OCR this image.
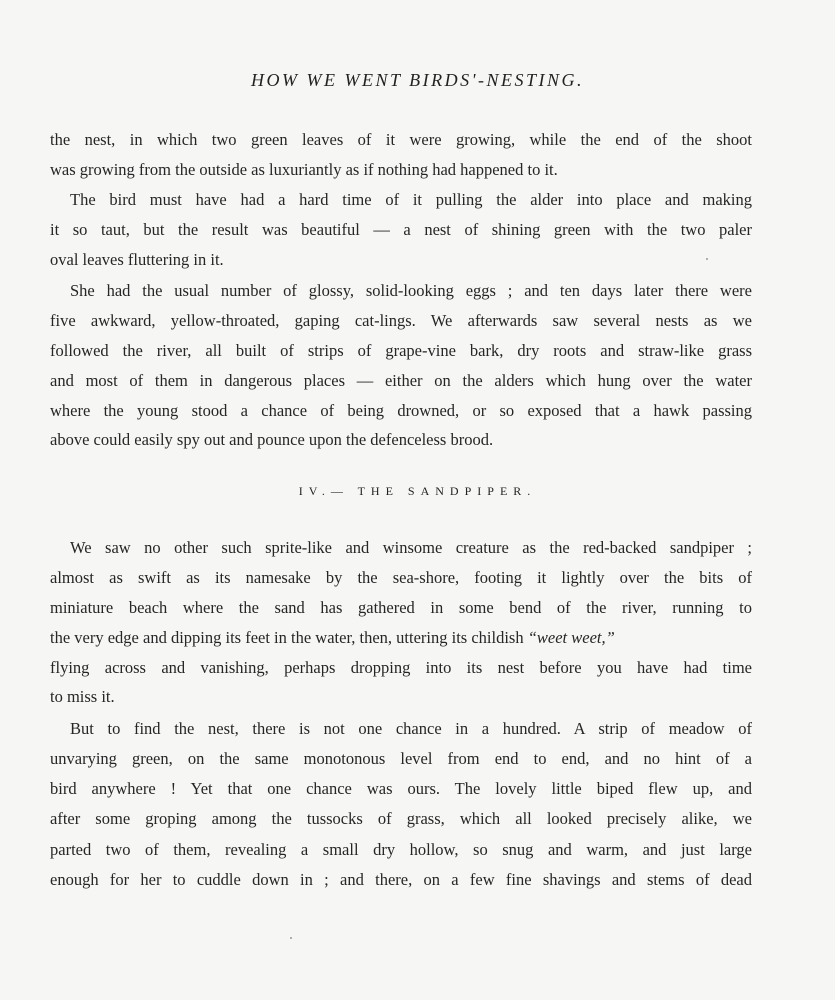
HOW WE WENT BIRDS'-NESTING.
the nest, in which two green leaves of it were growing, while the end of the shoot
was growing from the outside as luxuriantly as if nothing had happened to it.
The bird must have had a hard time of it pulling the alder into place and making
it so taut, but the result was beautiful — a nest of shining green with the two paler
oval leaves fluttering in it.
She had the usual number of glossy, solid-looking eggs ; and ten days later there were
five awkward, yellow-throated, gaping cat-lings. We afterwards saw several nests as we
followed the river, all built of strips of grape-vine bark, dry roots and straw-like grass
and most of them in dangerous places — either on the alders which hung over the water
where the young stood a chance of being drowned, or so exposed that a hawk passing
above could easily spy out and pounce upon the defenceless brood.
IV.— THE SANDPIPER.
We saw no other such sprite-like and winsome creature as the red-backed sandpiper ;
almost as swift as its namesake by the sea-shore, footing it lightly over the bits of
miniature beach where the sand has gathered in some bend of the river, running to
the very edge and dipping its feet in the water, then, uttering its childish “weet weet,”
flying across and vanishing, perhaps dropping into its nest before you have had time
to miss it.
But to find the nest, there is not one chance in a hundred. A strip of meadow of
unvarying green, on the same monotonous level from end to end, and no hint of a
bird anywhere ! Yet that one chance was ours. The lovely little biped flew up, and
after some groping among the tussocks of grass, which all looked precisely alike, we
parted two of them, revealing a small dry hollow, so snug and warm, and just large
enough for her to cuddle down in ; and there, on a few fine shavings and stems of dead
